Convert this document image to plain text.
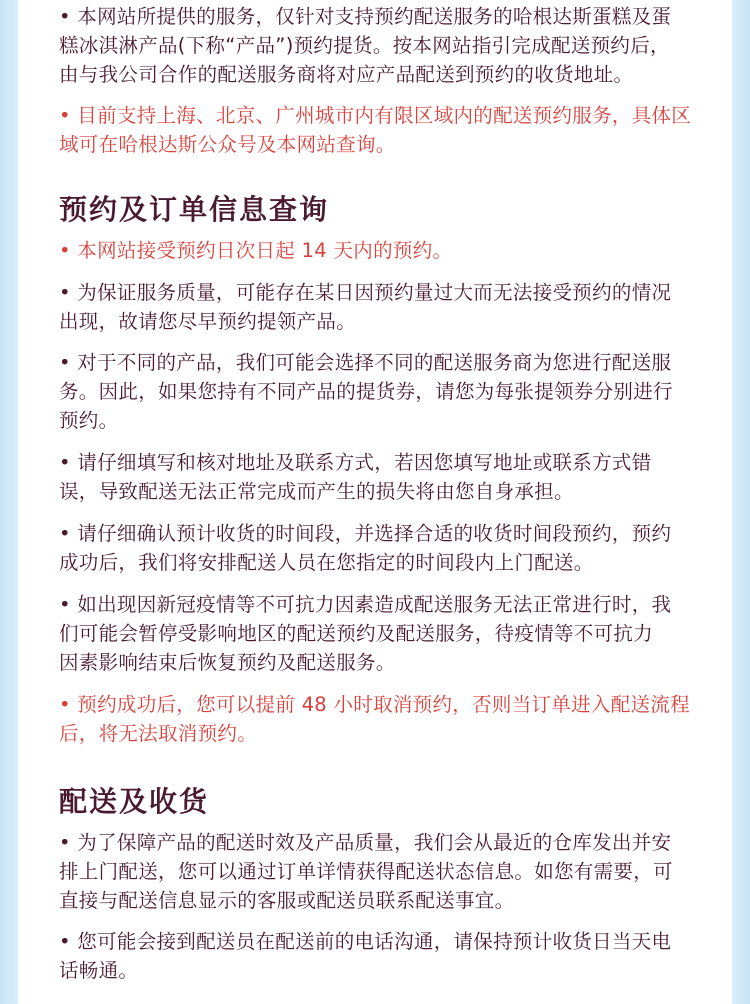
• 本网站所提供的服务，仅针对支持预约配送服务的哈根达斯蛋糕及蛋
糕冰淇淋产品(下称“产品”)预约提货。按本网站指引完成配送预约后，
由与我公司合作的配送服务商将对应产品配送到预约的收货地址。
• 目前支持上海、北京、广州城市内有限区域内的配送预约服务，具体区
域可在哈根达斯公众号及本网站查询。
预约及订单信息查询
• 本网站接受预约日次日起 14 天内的预约。
• 为保证服务质量，可能存在某日因预约量过大而无法接受预约的情况
出现，故请您尽早预约提领产品。
• 对于不同的产品，我们可能会选择不同的配送服务商为您进行配送服
务。因此，如果您持有不同产品的提货券，请您为每张提领券分别进行
预约。
• 请仔细填写和核对地址及联系方式，若因您填写地址或联系方式错
误，导致配送无法正常完成而产生的损失将由您自身承担。
• 请仔细确认预计收货的时间段，并选择合适的收货时间段预约，预约
成功后，我们将安排配送人员在您指定的时间段内上门配送。
• 如出现因新冠疫情等不可抗力因素造成配送服务无法正常进行时，我
们可能会暂停受影响地区的配送预约及配送服务，待疫情等不可抗力
因素影响结束后恢复预约及配送服务。
• 预约成功后，您可以提前 48 小时取消预约，否则当订单进入配送流程
后，将无法取消预约。
配送及收货
• 为了保障产品的配送时效及产品质量，我们会从最近的仓库发出并安
排上门配送，您可以通过订单详情获得配送状态信息。如您有需要，可
直接与配送信息显示的客服或配送员联系配送事宜。
• 您可能会接到配送员在配送前的电话沟通，请保持预计收货日当天电
话畅通。
